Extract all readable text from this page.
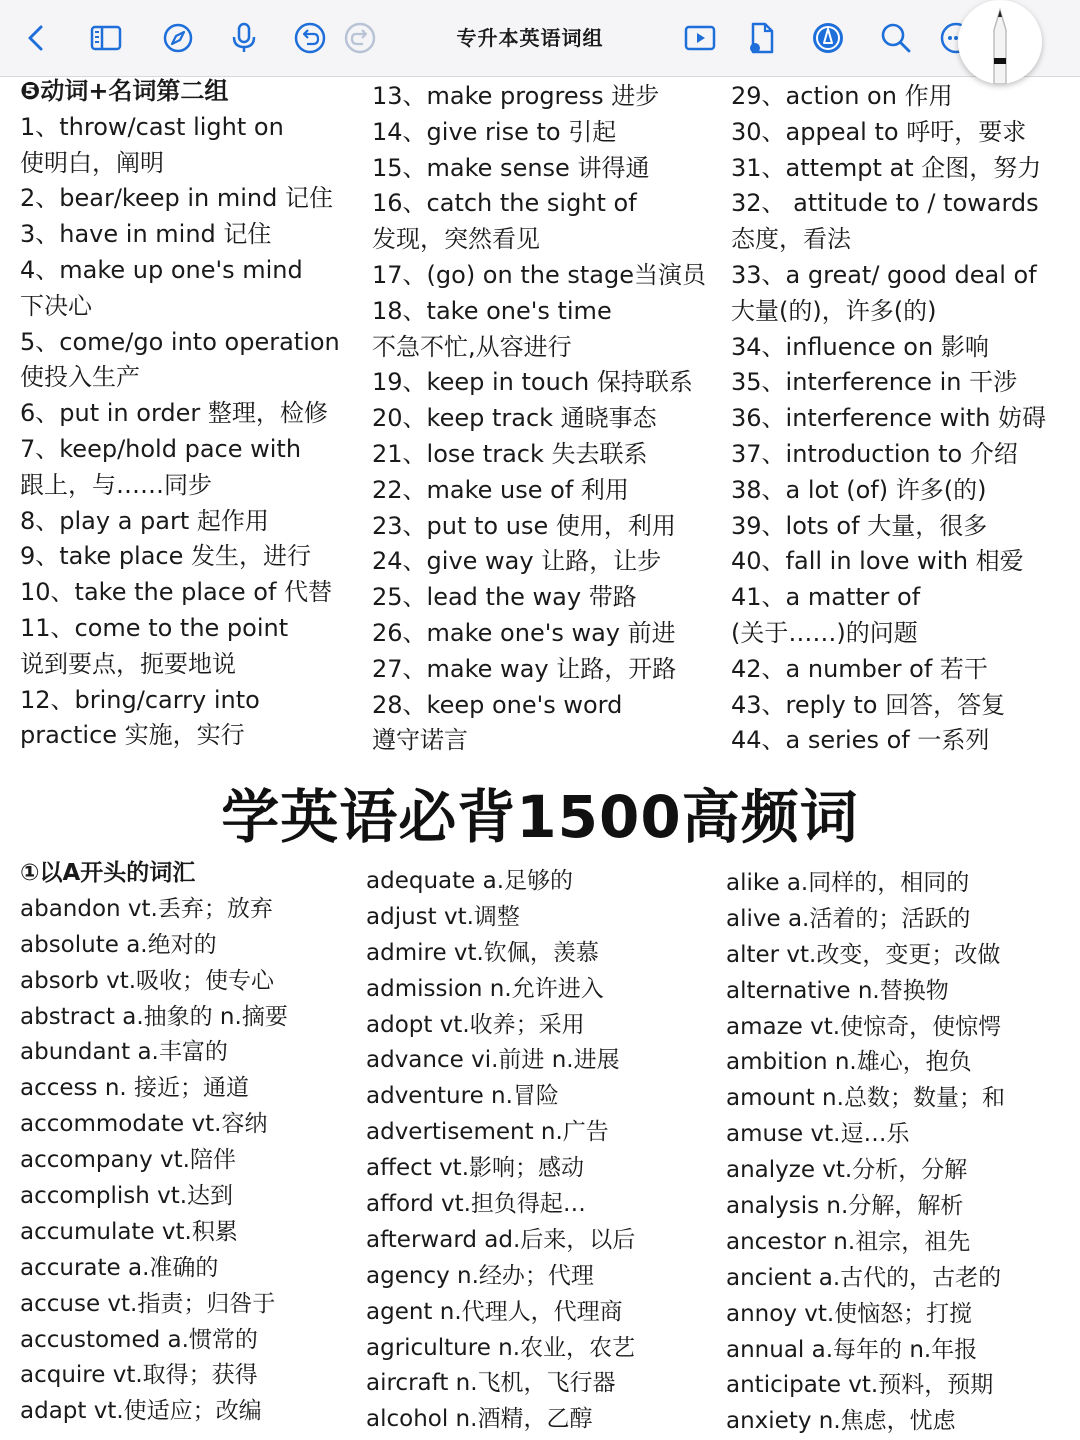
专升本英语词组
❺动词+名词第二组
1、throw/cast light on
使明白，阐明
2、bear/keep in mind 记住
3、have in mind 记住
4、make up one's mind
下决心
5、come/go into operation
使投入生产
6、put in order 整理，检修
7、keep/hold pace with
跟上，与……同步
8、play a part 起作用
9、take place 发生，进行
10、take the place of 代替
11、come to the point
说到要点，扼要地说
12、bring/carry into
practice 实施，实行
13、make progress 进步
14、give rise to 引起
15、make sense 讲得通
16、catch the sight of
发现，突然看见
17、(go) on the stage当演员
18、take one's time
不急不忙,从容进行
19、keep in touch 保持联系
20、keep track 通晓事态
21、lose track 失去联系
22、make use of 利用
23、put to use 使用，利用
24、give way 让路，让步
25、lead the way 带路
26、make one's way 前进
27、make way 让路，开路
28、keep one's word
遵守诺言
29、action on 作用
30、appeal to 呼吁，要求
31、attempt at 企图，努力
32、 attitude to / towards
态度，看法
33、a great/ good deal of
大量(的)，许多(的)
34、influence on 影响
35、interference in 干涉
36、interference with 妨碍
37、introduction to 介绍
38、a lot (of) 许多(的)
39、lots of 大量，很多
40、fall in love with 相爱
41、a matter of
(关于……)的问题
42、a number of 若干
43、reply to 回答，答复
44、a series of 一系列
学英语必背1500高频词
①以A开头的词汇
abandon vt.丢弃；放弃
absolute a.绝对的
absorb vt.吸收；使专心
abstract a.抽象的 n.摘要
abundant a.丰富的
access n. 接近；通道
accommodate vt.容纳
accompany vt.陪伴
accomplish vt.达到
accumulate vt.积累
accurate a.准确的
accuse vt.指责；归咎于
accustomed a.惯常的
acquire vt.取得；获得
adapt vt.使适应；改编
adequate a.足够的
adjust vt.调整
admire vt.钦佩，羡慕
admission n.允许进入
adopt vt.收养；采用
advance vi.前进 n.进展
adventure n.冒险
advertisement n.广告
affect vt.影响；感动
afford vt.担负得起…
afterward ad.后来，以后
agency n.经办；代理
agent n.代理人，代理商
agriculture n.农业，农艺
aircraft n.飞机，飞行器
alcohol n.酒精，乙醇
alike a.同样的，相同的
alive a.活着的；活跃的
alter vt.改变，变更；改做
alternative n.替换物
amaze vt.使惊奇，使惊愕
ambition n.雄心，抱负
amount n.总数；数量；和
amuse vt.逗…乐
analyze vt.分析，分解
analysis n.分解，解析
ancestor n.祖宗，祖先
ancient a.古代的，古老的
annoy vt.使恼怒；打搅
annual a.每年的 n.年报
anticipate vt.预料，预期
anxiety n.焦虑，忧虑
